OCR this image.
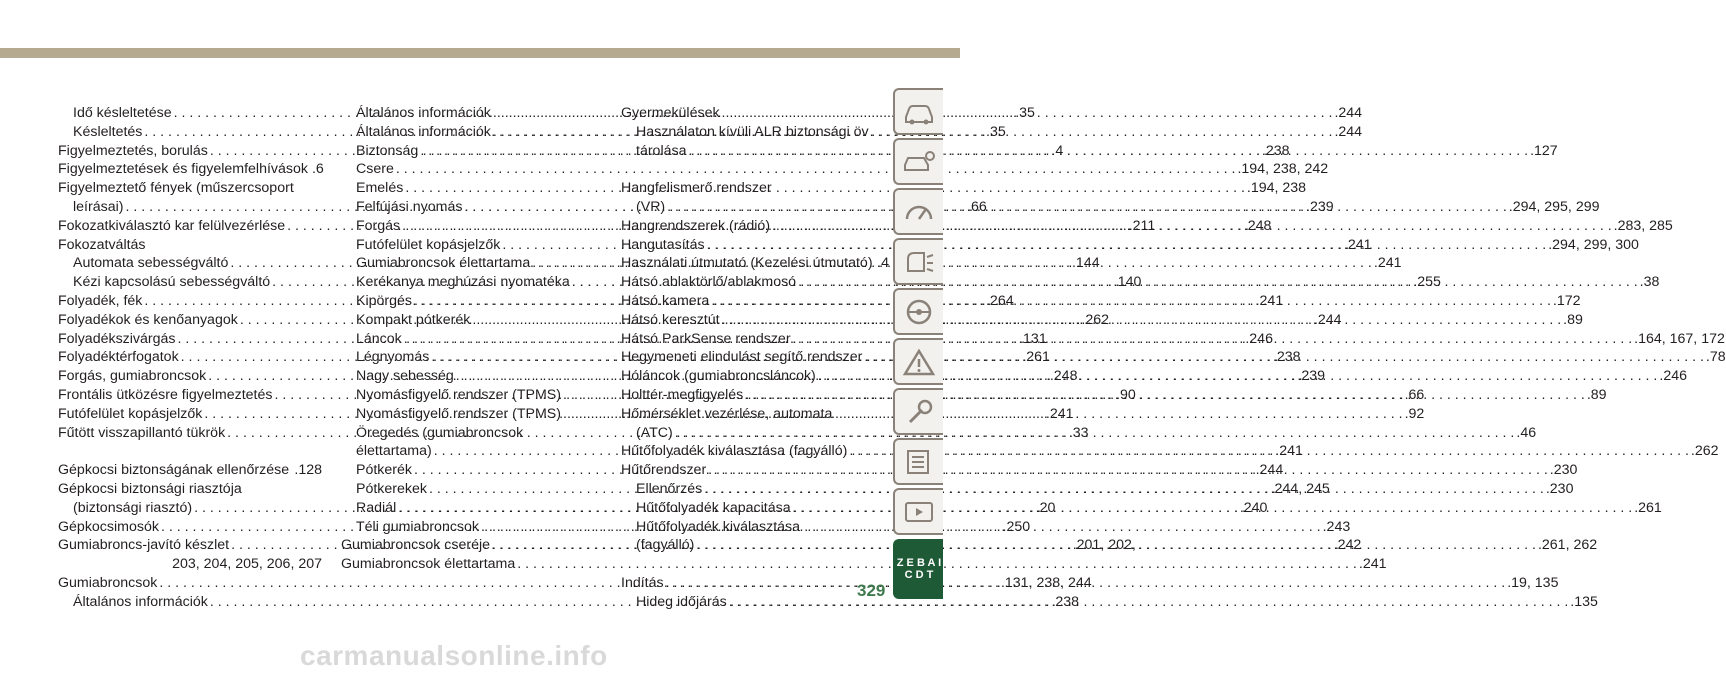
Idő késleltetése . . .	.35
Késleltetés . . .	.35
Figyelmeztetés, borulás . . .	.4
Figyelmeztetések és figyelemfelhívások .6
Figyelmeztető fények (műszercsoport
leírásai) . . .	.66
Fokozatkiválasztó kar felülvezérlése . . .	.211
Fokozatváltás
Automata sebességváltó . . .	.144
Kézi kapcsolású sebességváltó . . .	.140
Folyadék, fék . . .	.264
Folyadékok és kenőanyagok . . .	.262
Folyadékszivárgás . . .	.131
Folyadéktérfogatok . . .	.261
Forgás, gumiabroncsok . . .	.248
Frontális ütközésre figyelmeztetés . . .	.90
Futófelület kopásjelzők . . .	.241
Fűtött visszapillantó tükrök . . .	.33
Gépkocsi biztonságának ellenőrzése . . . .128
Gépkocsi biztonsági riasztója
(biztonsági riasztó) . . .	.20
Gépkocsimosók . . .	.250
Gumiabroncs-javító készlet . . .	.201, 202,
203, 204, 205, 206, 207
Gumiabroncsok . . .	.131, 238, 244
Általános információk . . .	.238
Általános információk . . .	.244
Általános információk . . .	.244
Biztonság . . .	.238
Csere . . .	.194, 238, 242
Emelés . . .	.194, 238
Felfújási nyomás . . .	.239
Forgás . . .	.248
Futófelület kopásjelzők . . .	.241
Gumiabroncsok élettartama . . .	.241
Kerékanya meghúzási nyomatéka . . .	.255
Kipörgés . . .	.241
Kompakt pótkerék . . .	.244
Láncok . . .	.246
Légnyomás . . .	.238
Nagy sebesség . . .	.239
Nyomásfigyelő rendszer (TPMS) . . .	.66
Nyomásfigyelő rendszer (TPMS) . . .	.92
Öregedés (gumiabroncsok
élettartama) . . .	.241
Pótkerék . . .	.244
Pótkerekek . . .	.244, 245
Radiál . . .	.240
Téli gumiabroncsok . . .	.243
Gumiabroncsok cseréje . . .	.242
Gumiabroncsok élettartama . . .	.241
Gyermekülések
Használaton kívüli ALR biztonsági öv
tárolása . . .	.127
Hangfelismerő rendszer
(VR) . . .	.294, 295, 299
Hangrendszerek (rádió) . . .	.283, 285
Hangutasítás . . .	.294, 299, 300
Használati útmutató (Kezelési útmutató) . . . .4
Hátsó ablaktörlő/ablakmosó . . .	.38
Hátsó kamera . . .	.172
Hátsó keresztút . . .	.89
Hátsó ParkSense rendszer . . .	.164, 167, 172
Hegymeneti elindulást segítő rendszer . . .	.78
Hóláncok (gumiabroncsláncok) . . .	.246
Holttér-megfigyelés . . .	.89
Hőmérséklet vezérlése, automata
(ATC) . . .	.46
Hűtőfolyadék kiválasztása (fagyálló) . . .	.262
Hűtőrendszer . . .	.230
Ellenőrzés . . .	.230
Hűtőfolyadék kapacitása . . .	.261
Hűtőfolyadék kiválasztása
(fagyálló) . . .	.261, 262
Indítás . . .	.19, 135
Hideg időjárás . . .	.135
Z E B A I C D T
329
carmanualsonline.info
